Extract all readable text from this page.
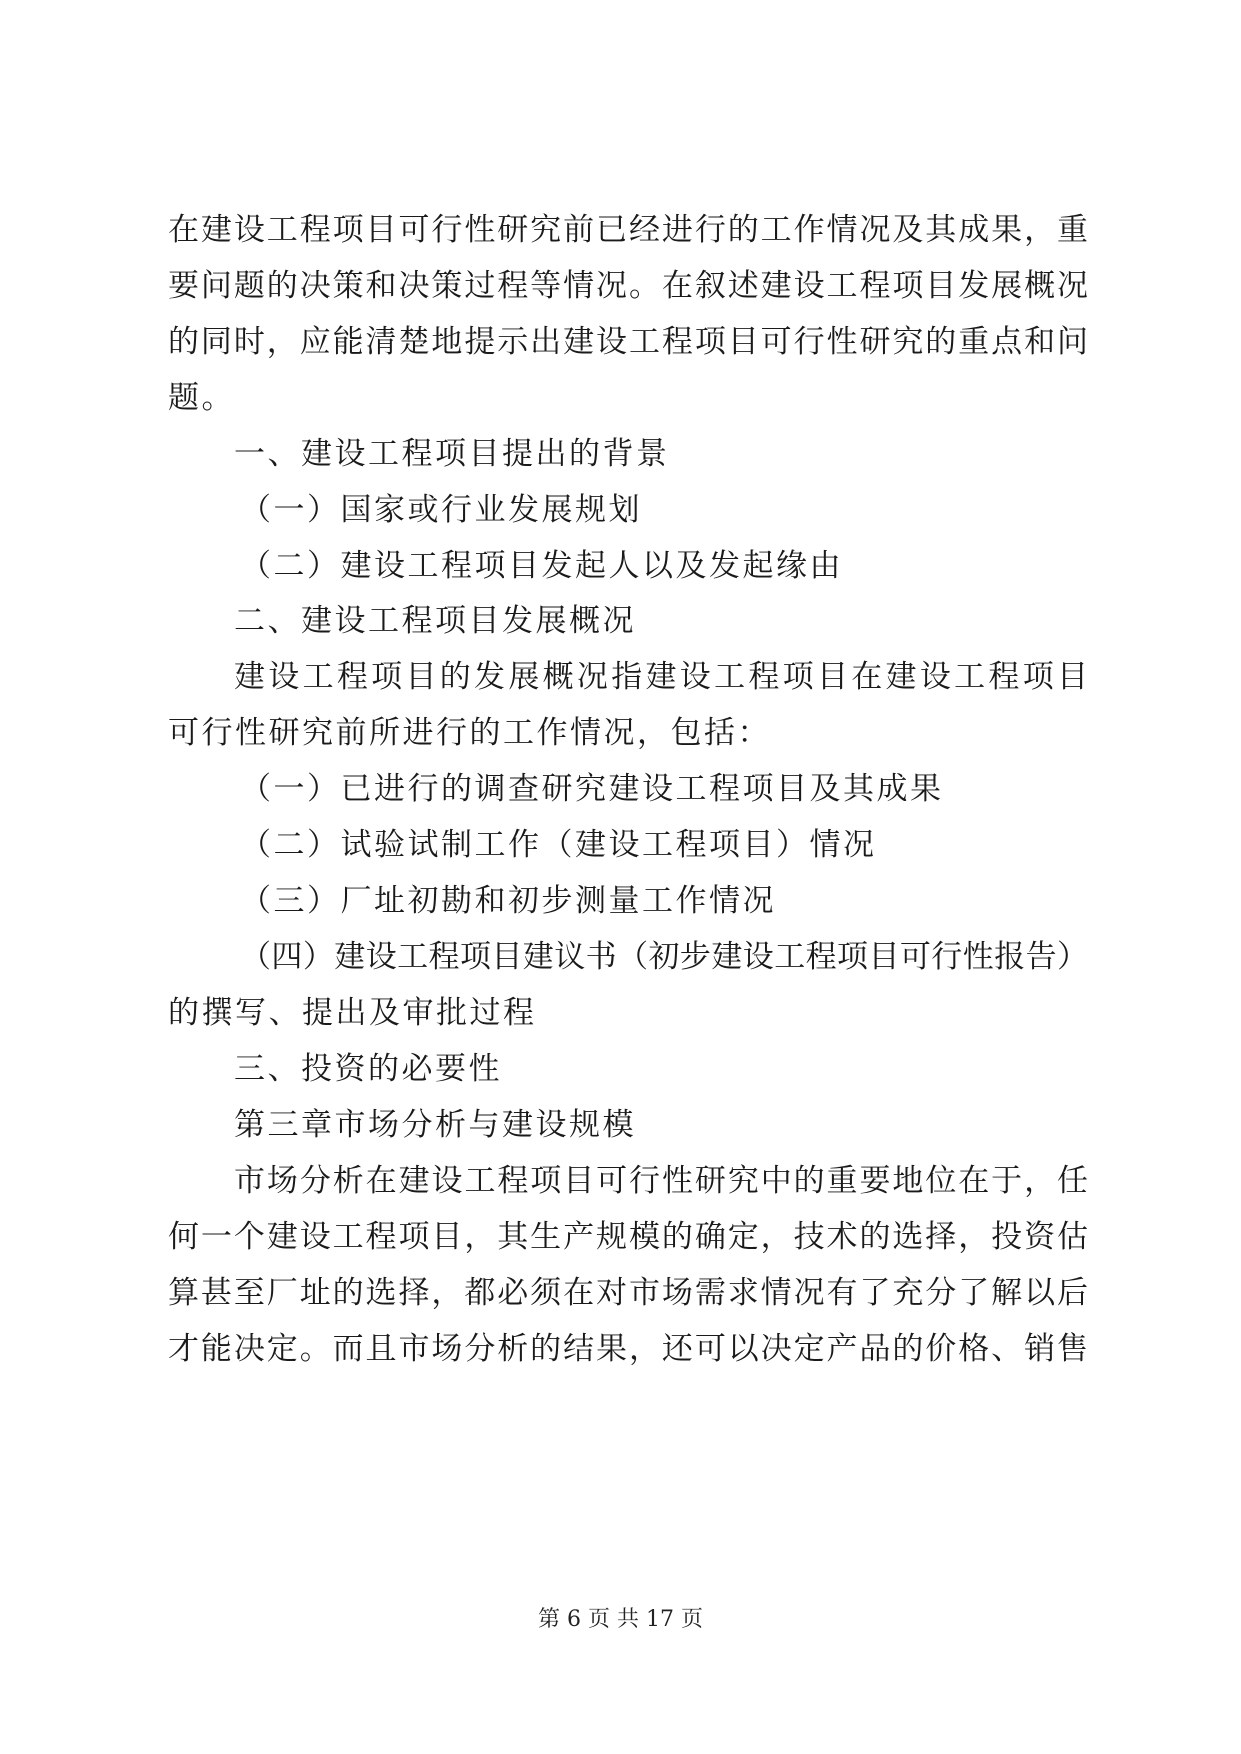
在建设工程项目可行性研究前已经进行的工作情况及其成果，重
要问题的决策和决策过程等情况。在叙述建设工程项目发展概况
的同时，应能清楚地提示出建设工程项目可行性研究的重点和问
题。
一、建设工程项目提出的背景
（一）国家或行业发展规划
（二）建设工程项目发起人以及发起缘由
二、建设工程项目发展概况
建设工程项目的发展概况指建设工程项目在建设工程项目
可行性研究前所进行的工作情况，包括：
（一）已进行的调查研究建设工程项目及其成果
（二）试验试制工作（建设工程项目）情况
（三）厂址初勘和初步测量工作情况
（四）建设工程项目建议书（初步建设工程项目可行性报告）
的撰写、提出及审批过程
三、投资的必要性
第三章市场分析与建设规模
市场分析在建设工程项目可行性研究中的重要地位在于，任
何一个建设工程项目，其生产规模的确定，技术的选择，投资估
算甚至厂址的选择，都必须在对市场需求情况有了充分了解以后
才能决定。而且市场分析的结果，还可以决定产品的价格、销售
第 6 页 共 17 页
